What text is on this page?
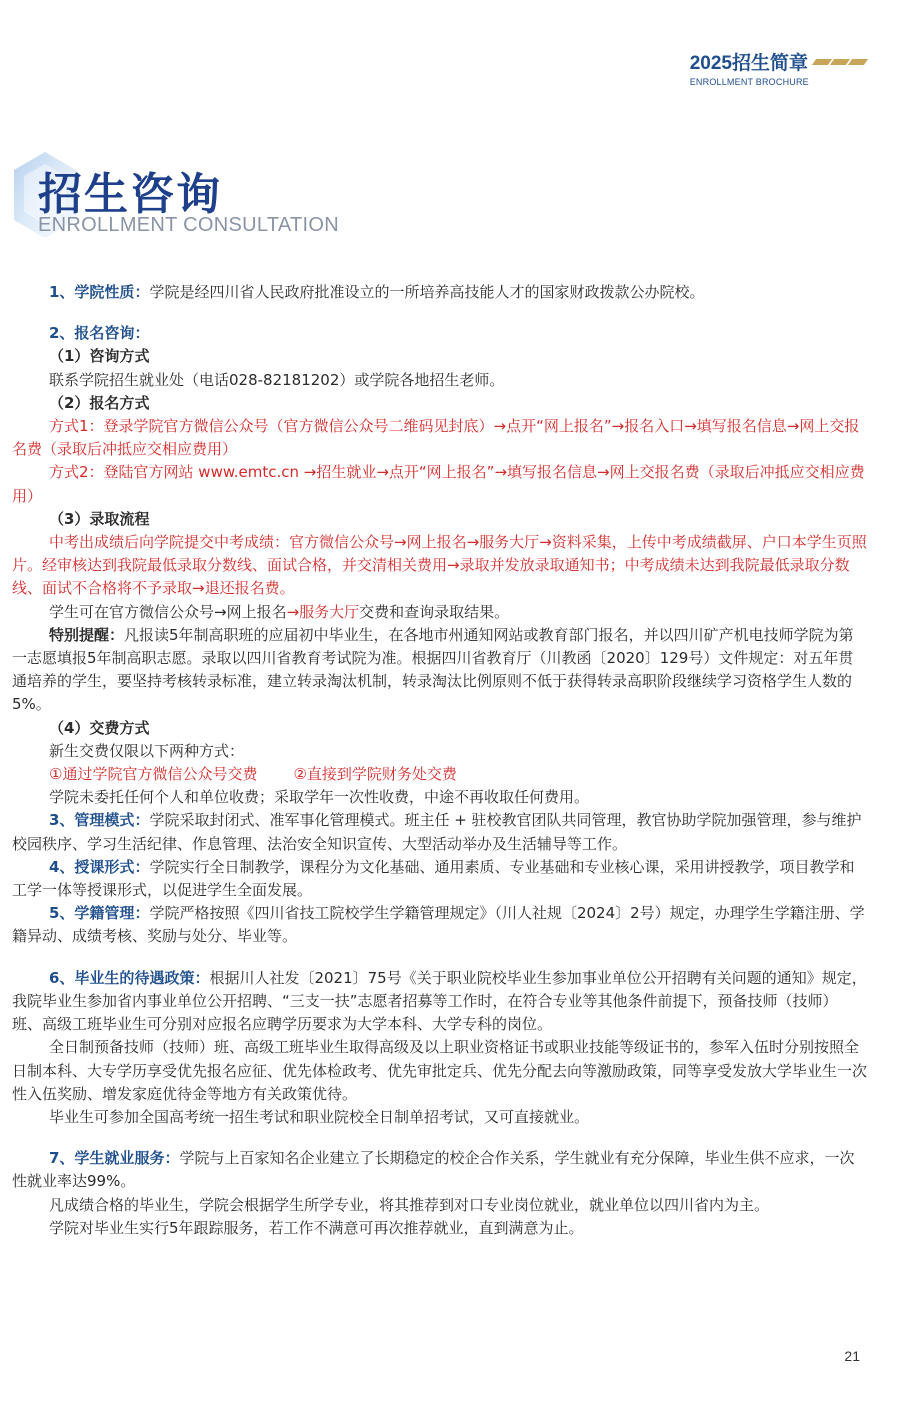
2025招生简章
ENROLLMENT BROCHURE
招生咨询
ENROLLMENT CONSULTATION

1、学院性质：学院是经四川省人民政府批准设立的一所培养高技能人才的国家财政拨款公办院校。

2、报名咨询：

（1）咨询方式

联系学院招生就业处（电话028-82181202）或学院各地招生老师。

（2）报名方式

方式1：登录学院官方微信公众号（官方微信公众号二维码见封底）→点开“网上报名”→报名入口→填写报名信息→网上交报名费（录取后冲抵应交相应费用）

方式2：登陆官方网站 www.emtc.cn →招生就业→点开“网上报名”→填写报名信息→网上交报名费（录取后冲抵应交相应费用）

（3）录取流程

中考出成绩后向学院提交中考成绩：官方微信公众号→网上报名→服务大厅→资料采集，上传中考成绩截屏、户口本学生页照片。经审核达到我院最低录取分数线、面试合格，并交清相关费用→录取并发放录取通知书；中考成绩未达到我院最低录取分数线、面试不合格将不予录取→退还报名费。

学生可在官方微信公众号→网上报名→服务大厅交费和查询录取结果。

特别提醒：凡报读5年制高职班的应届初中毕业生，在各地市州通知网站或教育部门报名，并以四川矿产机电技师学院为第一志愿填报5年制高职志愿。录取以四川省教育考试院为准。根据四川省教育厅（川教函〔2020〕129号）文件规定：对五年贯通培养的学生，要坚持考核转录标准，建立转录淘汰机制，转录淘汰比例原则不低于获得转录高职阶段继续学习资格学生人数的5%。

（4）交费方式

新生交费仅限以下两种方式：

①通过学院官方微信公众号交费 ②直接到学院财务处交费

学院未委托任何个人和单位收费；采取学年一次性收费，中途不再收取任何费用。

3、管理模式：学院采取封闭式、准军事化管理模式。班主任 + 驻校教官团队共同管理，教官协助学院加强管理，参与维护校园秩序、学习生活纪律、作息管理、法治安全知识宣传、大型活动举办及生活辅导等工作。

4、授课形式：学院实行全日制教学，课程分为文化基础、通用素质、专业基础和专业核心课，采用讲授教学，项目教学和工学一体等授课形式，以促进学生全面发展。

5、学籍管理：学院严格按照《四川省技工院校学生学籍管理规定》（川人社规〔2024〕2号）规定，办理学生学籍注册、学籍异动、成绩考核、奖励与处分、毕业等。

6、毕业生的待遇政策：根据川人社发〔2021〕75号《关于职业院校毕业生参加事业单位公开招聘有关问题的通知》规定，我院毕业生参加省内事业单位公开招聘、“三支一扶”志愿者招募等工作时，在符合专业等其他条件前提下，预备技师（技师）班、高级工班毕业生可分别对应报名应聘学历要求为大学本科、大学专科的岗位。

全日制预备技师（技师）班、高级工班毕业生取得高级及以上职业资格证书或职业技能等级证书的，参军入伍时分别按照全日制本科、大专学历享受优先报名应征、优先体检政考、优先审批定兵、优先分配去向等激励政策，同等享受发放大学毕业生一次性入伍奖励、增发家庭优待金等地方有关政策优待。

毕业生可参加全国高考统一招生考试和职业院校全日制单招考试，又可直接就业。

7、学生就业服务：学院与上百家知名企业建立了长期稳定的校企合作关系，学生就业有充分保障，毕业生供不应求，一次性就业率达99%。

凡成绩合格的毕业生，学院会根据学生所学专业，将其推荐到对口专业岗位就业，就业单位以四川省内为主。

学院对毕业生实行5年跟踪服务，若工作不满意可再次推荐就业，直到满意为止。

21
